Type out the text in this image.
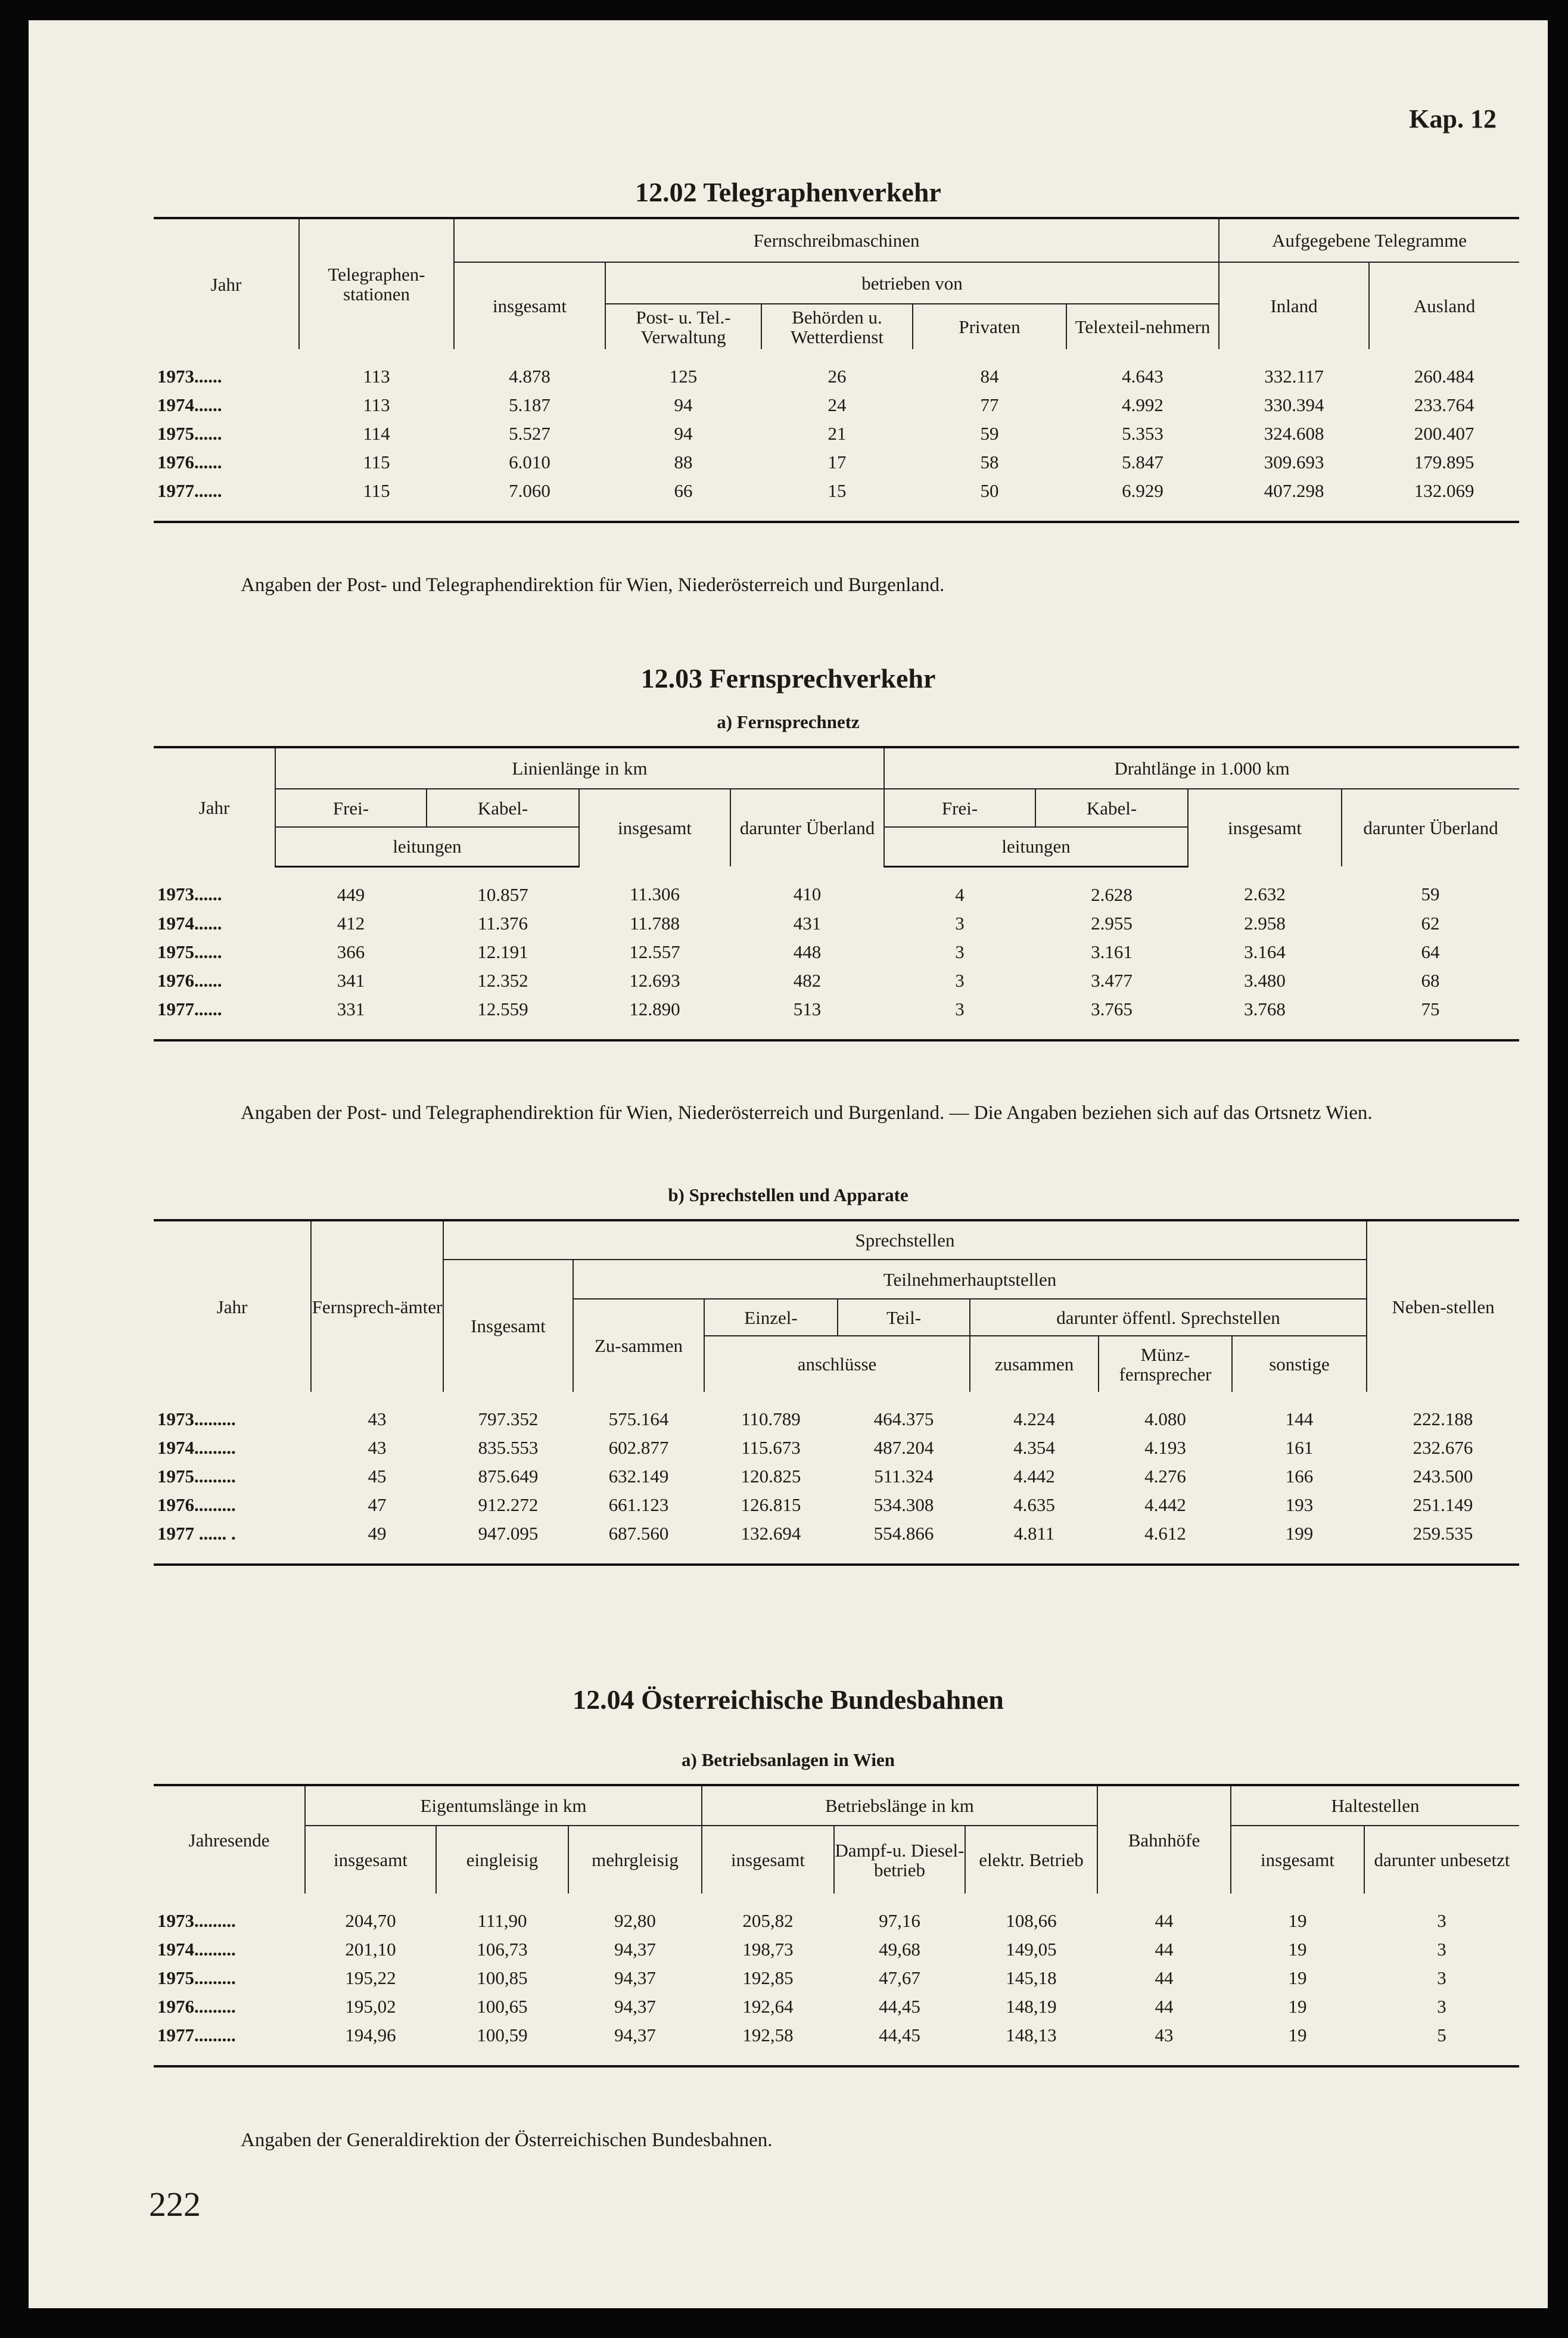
Kap. 12
12.02 Telegraphenverkehr
Jahr	Telegraphen-stationen	Fernschreibmaschinen					Aufgegebene Telegramme	
		insgesamt	betrieben von				Inland	Ausland
			Post- u. Tel.-Verwaltung	Behörden u. Wetterdienst	Privaten	Telexteil-nehmern		

1973......	113	4.878	125	26	84	4.643	332.117	260.484
1974......	113	5.187	94	24	77	4.992	330.394	233.764
1975......	114	5.527	94	21	59	5.353	324.608	200.407
1976......	115	6.010	88	17	58	5.847	309.693	179.895
1977......	115	7.060	66	15	50	6.929	407.298	132.069
Angaben der Post- und Telegraphendirektion für Wien, Niederösterreich und Burgenland.
12.03 Fernsprechverkehr
a) Fernsprechnetz
Jahr	Linienlänge in km				Drahtlänge in 1.000 km			
	Frei-	Kabel-	insgesamt	darunter Überland	Frei-	Kabel-	insgesamt	darunter Überland
	leitungen				leitungen			
1973......	449	10.857	11.306	410	4	2.628	2.632	59
1974......	412	11.376	11.788	431	3	2.955	2.958	62
1975......	366	12.191	12.557	448	3	3.161	3.164	64
1976......	341	12.352	12.693	482	3	3.477	3.480	68
1977......	331	12.559	12.890	513	3	3.765	3.768	75
Angaben der Post- und Telegraphendirektion für Wien, Niederösterreich und Burgenland. — Die Angaben beziehen sich auf das Ortsnetz Wien.
b) Sprechstellen und Apparate
Jahr	Fernsprech-ämter	Sprechstellen							Neben-stellen
		Insgesamt	Teilnehmerhauptstellen						
			Zu-sammen	Einzel-	Teil-	darunter öffentl. Sprechstellen			
				anschlüsse		zusammen	Münz-fernsprecher	sonstige	

1973.........	43	797.352	575.164	110.789	464.375	4.224	4.080	144	222.188
1974.........	43	835.553	602.877	115.673	487.204	4.354	4.193	161	232.676
1975.........	45	875.649	632.149	120.825	511.324	4.442	4.276	166	243.500
1976.........	47	912.272	661.123	126.815	534.308	4.635	4.442	193	251.149
1977 ...... .	49	947.095	687.560	132.694	554.866	4.811	4.612	199	259.535
12.04 Österreichische Bundesbahnen
a) Betriebsanlagen in Wien
Jahresende	Eigentumslänge in km			Betriebslänge in km			Bahnhöfe	Haltestellen	
	insgesamt	eingleisig	mehrgleisig	insgesamt	Dampf-u. Diesel-betrieb	elektr. Betrieb		insgesamt	darunter unbesetzt

1973.........	204,70	111,90	92,80	205,82	97,16	108,66	44	19	3
1974.........	201,10	106,73	94,37	198,73	49,68	149,05	44	19	3
1975.........	195,22	100,85	94,37	192,85	47,67	145,18	44	19	3
1976.........	195,02	100,65	94,37	192,64	44,45	148,19	44	19	3
1977.........	194,96	100,59	94,37	192,58	44,45	148,13	43	19	5
Angaben der Generaldirektion der Österreichischen Bundesbahnen.
222
